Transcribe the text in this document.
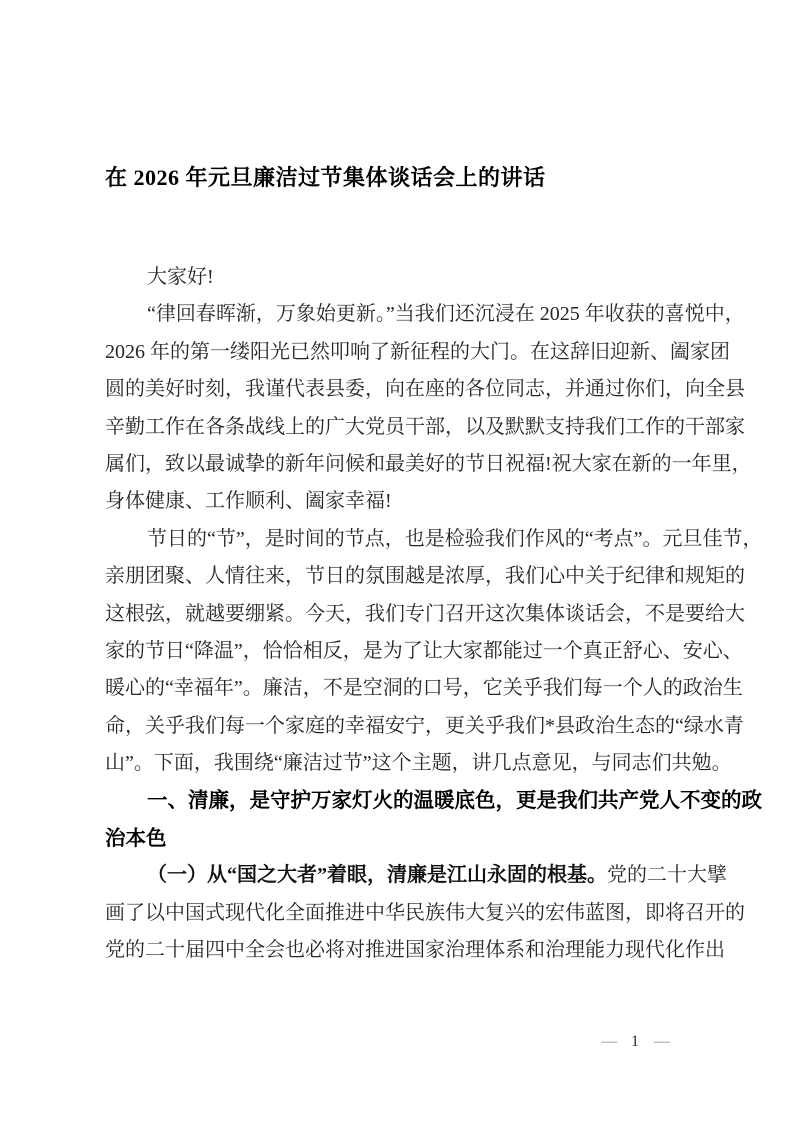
在 2026 年元旦廉洁过节集体谈话会上的讲话
大家好!
“律回春晖渐，万象始更新。”当我们还沉浸在 2025 年收获的喜悦中，
2026 年的第一缕阳光已然叩响了新征程的大门。在这辞旧迎新、阖家团
圆的美好时刻，我谨代表县委，向在座的各位同志，并通过你们，向全县
辛勤工作在各条战线上的广大党员干部，以及默默支持我们工作的干部家
属们，致以最诚挚的新年问候和最美好的节日祝福!祝大家在新的一年里，
身体健康、工作顺利、阖家幸福!
节日的“节”，是时间的节点，也是检验我们作风的“考点”。元旦佳节，
亲朋团聚、人情往来，节日的氛围越是浓厚，我们心中关于纪律和规矩的
这根弦，就越要绷紧。今天，我们专门召开这次集体谈话会，不是要给大
家的节日“降温”，恰恰相反，是为了让大家都能过一个真正舒心、安心、
暖心的“幸福年”。廉洁，不是空洞的口号，它关乎我们每一个人的政治生
命，关乎我们每一个家庭的幸福安宁，更关乎我们*县政治生态的“绿水青
山”。下面，我围绕“廉洁过节”这个主题，讲几点意见，与同志们共勉。
一、清廉，是守护万家灯火的温暖底色，更是我们共产党人不变的政
治本色
（一）从“国之大者”着眼，清廉是江山永固的根基。党的二十大擘
画了以中国式现代化全面推进中华民族伟大复兴的宏伟蓝图，即将召开的
党的二十届四中全会也必将对推进国家治理体系和治理能力现代化作出
— 1 —
